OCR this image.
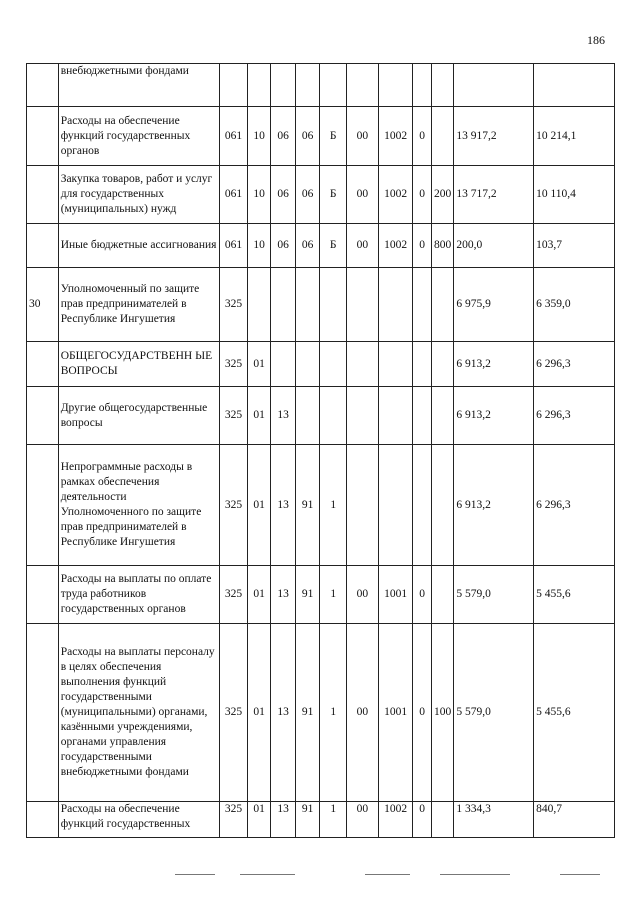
186
	внебюджетными фондами											
	Расходы на обеспечение функций государственных органов	061	10	06	06	Б	00	1002	0		13 917,2	10 214,1
	Закупка товаров, работ и услуг для государственных (муниципальных) нужд	061	10	06	06	Б	00	1002	0	200	13 717,2	10 110,4
	Иные бюджетные ассигнования	061	10	06	06	Б	00	1002	0	800	200,0	103,7
30	Уполномоченный по защите прав предпринимателей в Республике Ингушетия	325									6 975,9	6 359,0
	ОБЩЕГОСУДАРСТВЕНН ЫЕ ВОПРОСЫ	325	01								6 913,2	6 296,3
	Другие общегосударственные вопросы	325	01	13							6 913,2	6 296,3
	Непрограммные расходы в рамках обеспечения деятельности Уполномоченного по защите прав предпринимателей в Республике Ингушетия	325	01	13	91	1					6 913,2	6 296,3
	Расходы на выплаты по оплате труда работников государственных органов	325	01	13	91	1	00	1001	0		5 579,0	5 455,6
	Расходы на выплаты персоналу в целях обеспечения выполнения функций государственными (муниципальными) органами, казёнными учреждениями, органами управления государственными внебюджетными фондами	325	01	13	91	1	00	1001	0	100	5 579,0	5 455,6
	Расходы на обеспечение функций государственных	325	01	13	91	1	00	1002	0		1 334,3	840,7
